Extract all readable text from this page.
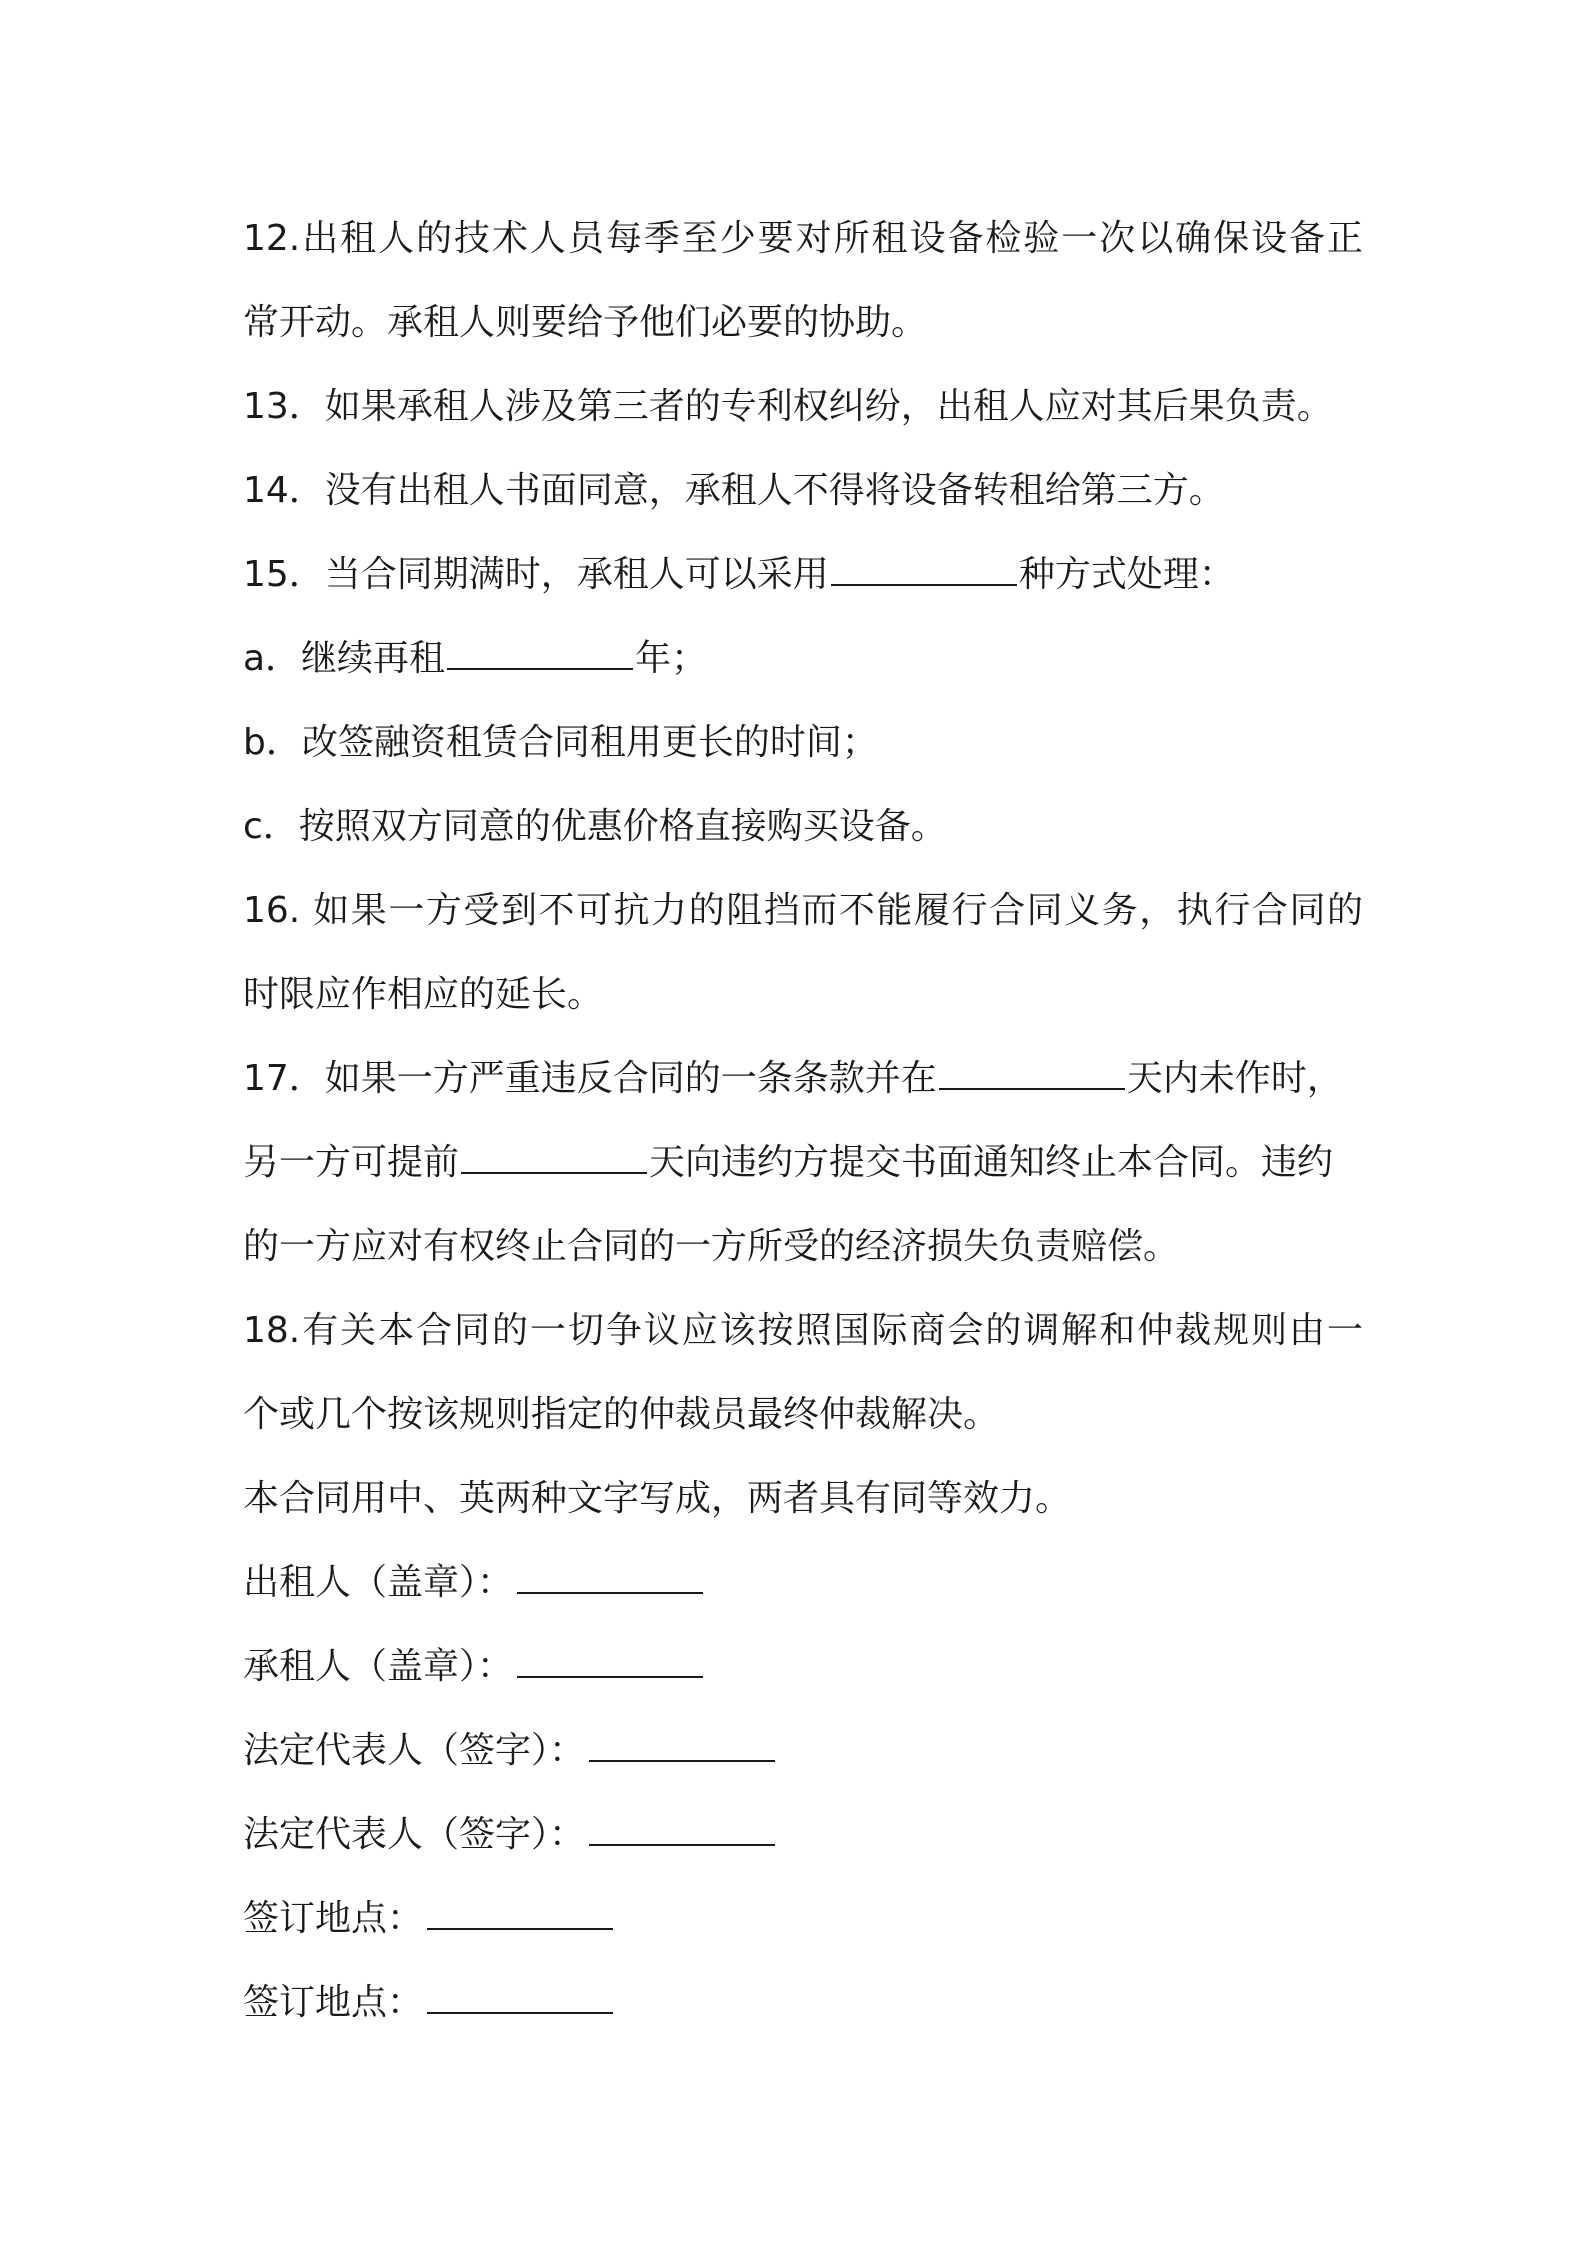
12.出租人的技术人员每季至少要对所租设备检验一次以确保设备正
常开动。承租人则要给予他们必要的协助。
13．如果承租人涉及第三者的专利权纠纷，出租人应对其后果负责。
14．没有出租人书面同意，承租人不得将设备转租给第三方。
15．当合同期满时，承租人可以采用	种方式处理：
a．继续再租	年；
b．改签融资租赁合同租用更长的时间；
c．按照双方同意的优惠价格直接购买设备。
16. 如果一方受到不可抗力的阻挡而不能履行合同义务，执行合同的
时限应作相应的延长。
17．如果一方严重违反合同的一条条款并在	天内未作时，
另一方可提前	天向违约方提交书面通知终止本合同。违约
的一方应对有权终止合同的一方所受的经济损失负责赔偿。
18.有关本合同的一切争议应该按照国际商会的调解和仲裁规则由一
个或几个按该规则指定的仲裁员最终仲裁解决。
本合同用中、英两种文字写成，两者具有同等效力。
出租人（盖章）：
承租人（盖章）：
法定代表人（签字）：
法定代表人（签字）：
签订地点：
签订地点：
